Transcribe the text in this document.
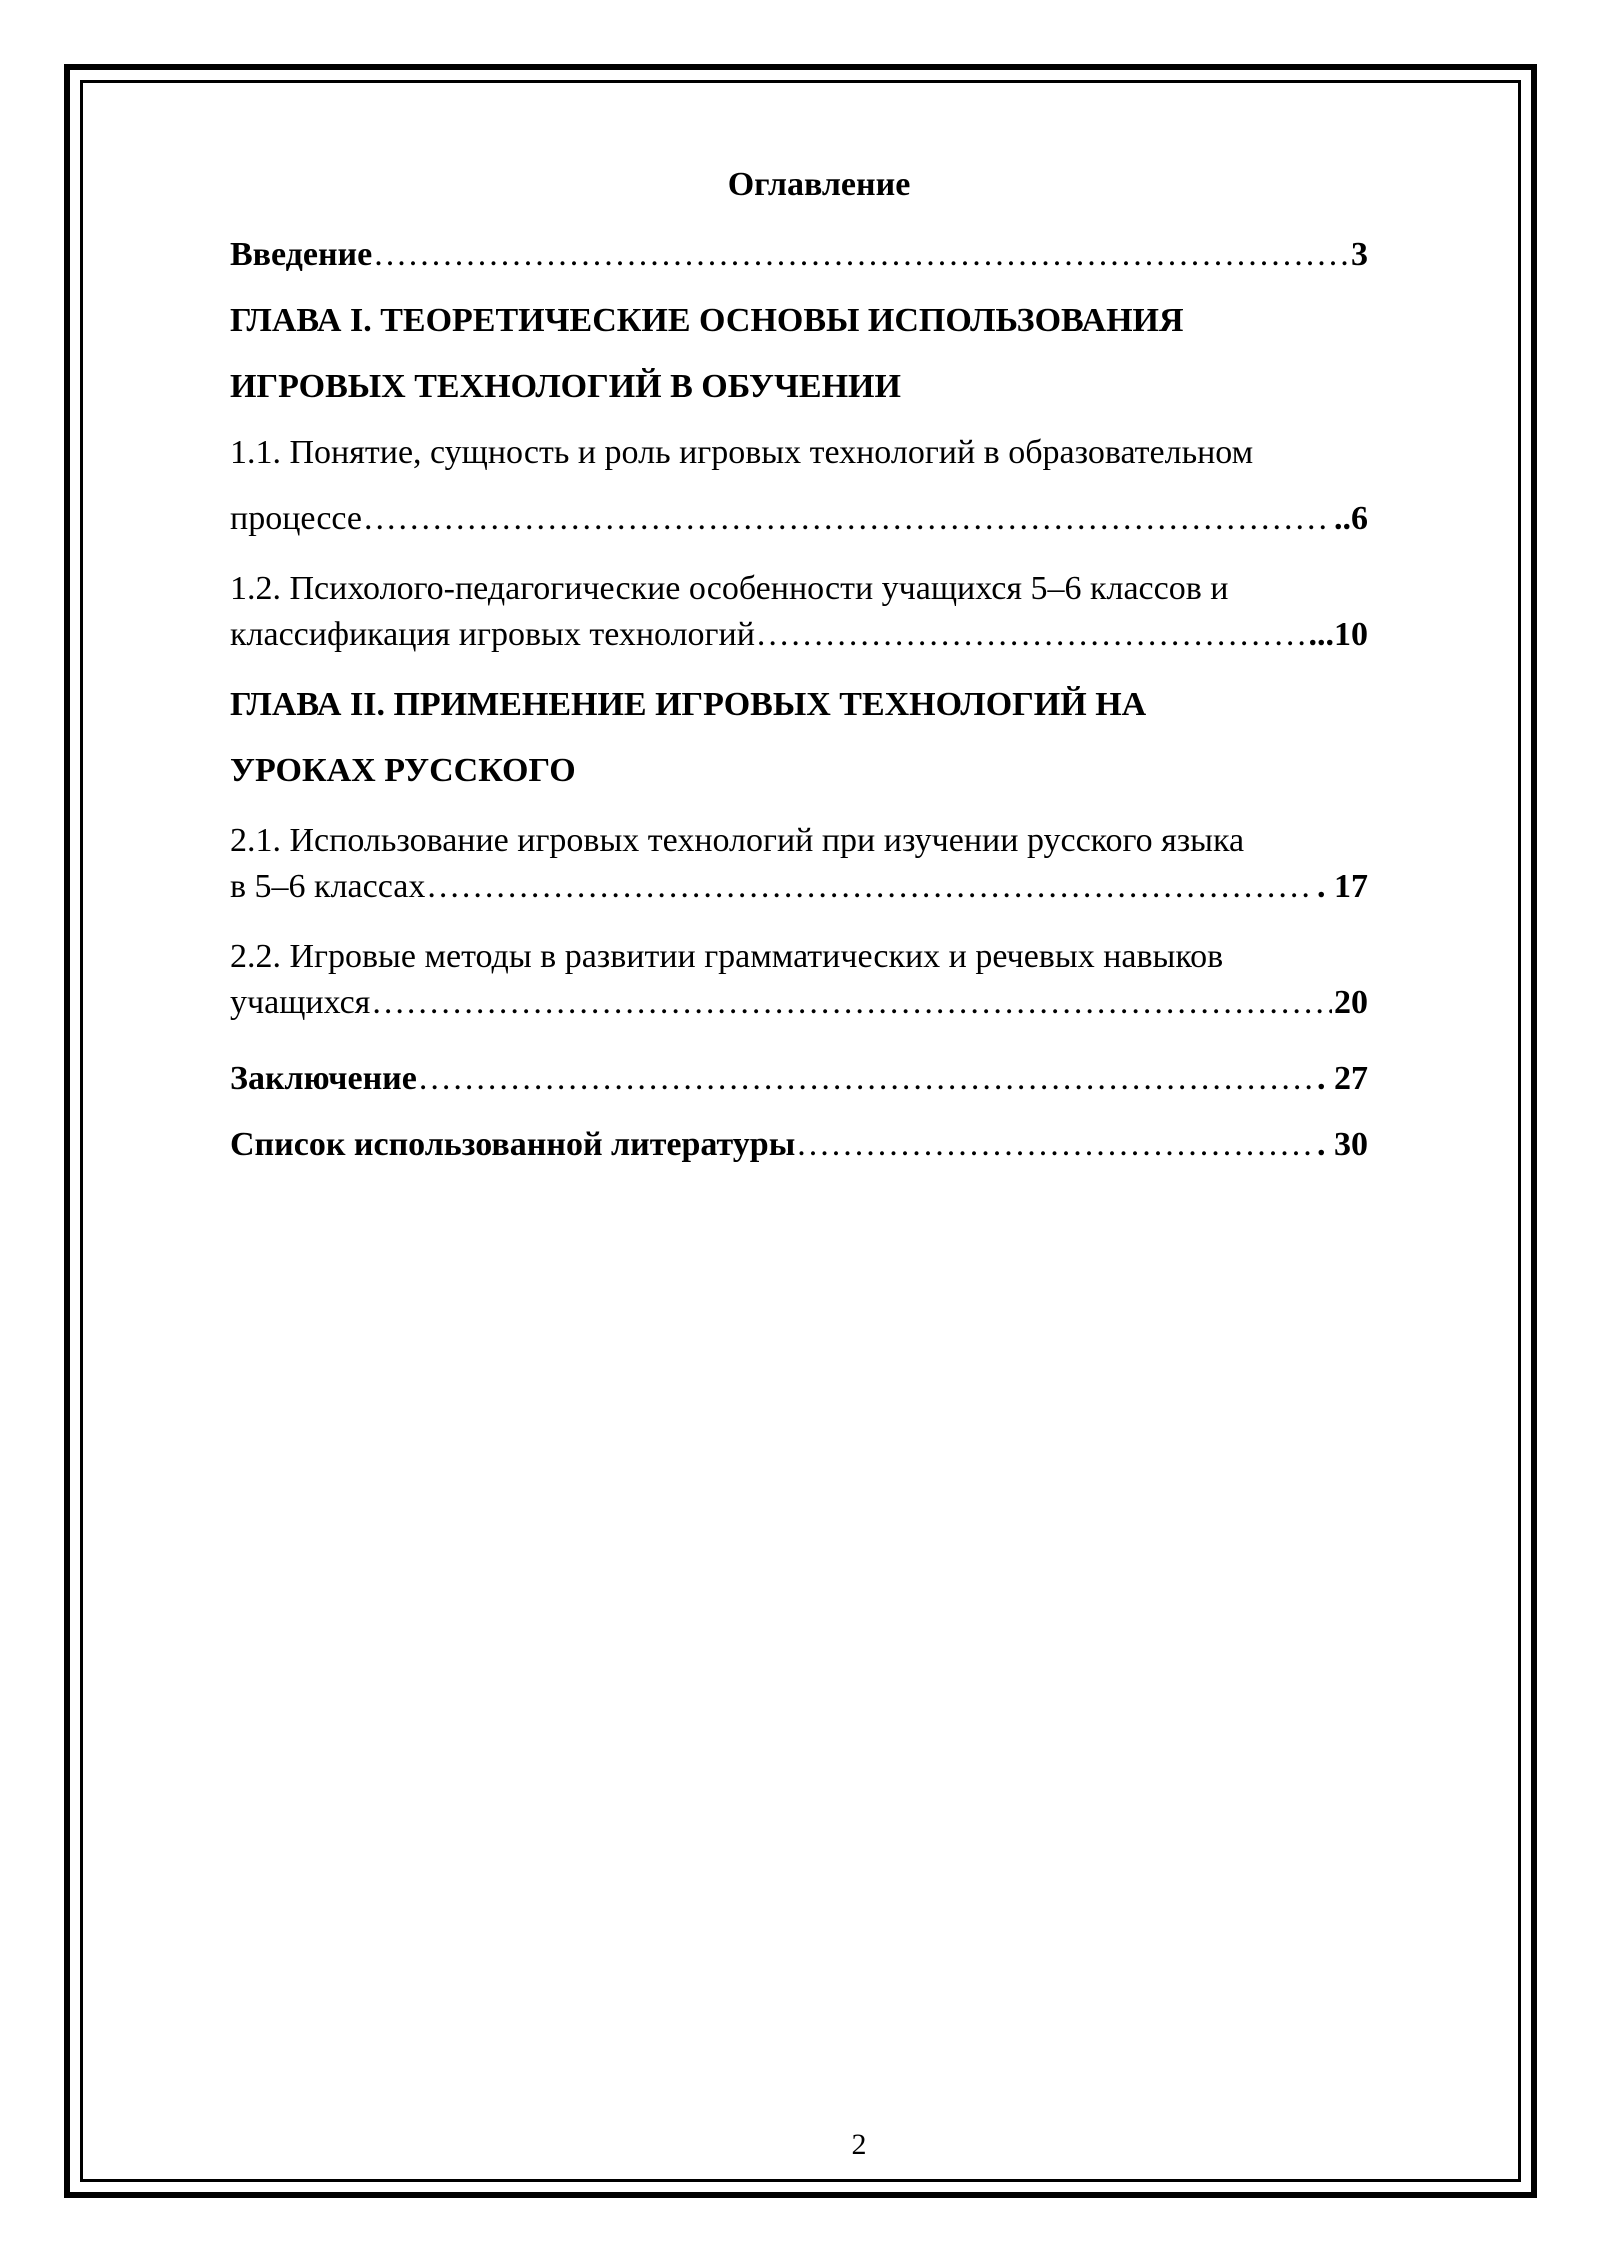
Оглавление
Введение .....	3
ГЛАВА I. ТЕОРЕТИЧЕСКИЕ ОСНОВЫ ИСПОЛЬЗОВАНИЯ
ИГРОВЫХ ТЕХНОЛОГИЙ В ОБУЧЕНИИ
1.1. Понятие, сущность и роль игровых технологий в образовательном
процессе .....	..6
1.2. Психолого-педагогические особенности учащихся 5–6 классов и
классификация игровых технологий .....	...10
ГЛАВА II. ПРИМЕНЕНИЕ ИГРОВЫХ ТЕХНОЛОГИЙ НА
УРОКАХ РУССКОГО
2.1. Использование игровых технологий при изучении русского языка
в 5–6 классах .....	. 17
2.2. Игровые методы в развитии грамматических и речевых навыков
учащихся .....	20
Заключение .....	. 27
Список использованной литературы .....	. 30
2
